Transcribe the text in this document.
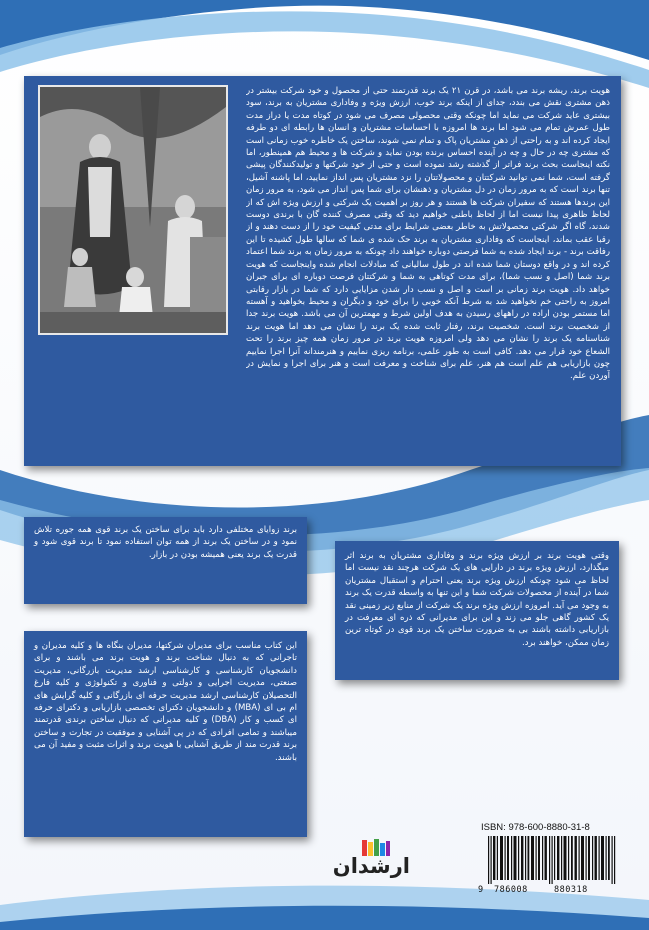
هویت برند، ریشه برند می باشد، در قرن ۲۱ یک برند قدرتمند حتی از محصول و خود شرکت بیشتر در ذهن مشتری نقش می بندد، جدای از اینکه برند خوب، ارزش ویژه و وفاداری مشتریان به برند، سود بیشتری عاید شرکت می نماید اما چونکه وقتی محصولی مصرف می شود در کوتاه مدت یا دراز مدت طول عمرش تمام می شود اما برند ها امروزه با احساسات مشتریان و انسان ها رابطه ای دو طرفه ایجاد کرده اند و به راحتی از ذهن مشتریان پاک و تمام نمی شوند، ساختن یک خاطره خوب زمانی است که مشتری چه در حال و چه در آینده احساس برنده بودن نماید و شرکت ها و محیط هم همینطور، اما نکته اینجاست بحث برند فراتر از گذشته رشد نموده است و حتی از خود شرکتها و تولیدکنندگان پیشی گرفته است، شما نمی توانید شرکتتان و محصولاتتان را نزد مشتریان پس انداز نمایید، اما پاشنه آشیل، تنها برند است که به مرور زمان در دل مشتریان و ذهنشان برای شما پس انداز می شود، به مرور زمان این برندها هستند که سفیران شرکت ها هستند و هر روز بر اهمیت یک شرکتی و ارزش ویژه اش که از لحاظ ظاهری پیدا نیست اما از لحاظ باطنی خواهیم دید که وقتی مصرف کننده گان با برندی دوست شدند، گاه اگر شرکتی محصولاتش به خاطر بعضی شرایط برای مدتی کیفیت خود را از دست دهند و از رقبا عقب بماند، اینجاست که وفاداری مشتریان به برند حک شده ی شما که سالها طول کشیده تا این رفاقت برند - برند ایجاد شده به شما فرصتی دوباره خواهند داد چونکه به مرور زمان به برند شما اعتماد کرده اند و در واقع دوستان شما شده اند در طول سالیانی که مبادلات انجام شده واینجاست که هویت برند شما (اصل و نسب شما)، برای مدت کوتاهی به شما و شرکتتان فرصت دوباره ای برای جبران خواهد داد. هویت برند زمانی بر است و اصل و نسب دار شدن مزایایی دارد که شما در بازار رقابتی امروز به راحتی خم نخواهید شد به شرط آنکه خوبی را برای خود و دیگران و محیط بخواهید و آهسته اما مستمر بودن اراده در راههای رسیدن به هدف اولین شرط و مهمترین آن می باشد. هویت برند جدا از شخصیت برند است. شخصیت برند، رفتار ثابت شده یک برند را نشان می دهد اما هویت برند شناسنامه یک برند را نشان می دهد ولی امروزه هویت برند در مرور زمان همه چیز برند را تحت الشعاع خود قرار می دهد. کافی است به طور علمی، برنامه ریزی نماییم و هنرمندانه آنرا اجرا نماییم چون بازاریابی هم علم است هم هنر، علم برای شناخت و معرفت است و هنر برای اجرا و نمایش در آوردن علم.
برند زوایای مختلفی دارد باید برای ساختن یک برند قوی همه جوره تلاش نمود و در ساختن یک برند از همه توان استفاده نمود تا برند قوی شود و قدرت یک برند یعنی همیشه بودن در بازار.	وقتی هویت برند بر ارزش ویژه برند و وفاداری مشتریان به برند اثر میگذارد، ارزش ویژه برند در دارایی های یک شرکت هرچند نقد نیست اما لحاظ می شود چونکه ارزش ویژه برند یعنی احترام و استقبال مشتریان شما در آینده از محصولات شرکت شما و این تنها به واسطه قدرت یک برند به وجود می آید. امروزه ارزش ویژه برند یک شرکت از منابع زیر زمینی نقد یک کشور گاهی جلو می زند و این برای مدیرانی که ذره ای معرفت در بازاریابی داشته باشند بی به ضرورت ساختن یک برند قوی در کوتاه ترین زمان ممکن، خواهند برد.
این کتاب مناسب برای مدیران شرکتها، مدیران بنگاه ها و کلیه مدیران و تاجرانی که به دنبال شناخت برند و هویت برند می باشند و برای دانشجویان کارشناسی و کارشناسی ارشد مدیریت بازرگانی، مدیریت صنعتی، مدیریت اجرایی و دولتی و فناوری و تکنولوژی و کلیه فارغ التحصیلان کارشناسی ارشد مدیریت حرفه ای بازرگانی و کلیه گرایش های ام بی ای (MBA) و دانشجویان دکترای تخصصی بازاریابی و دکترای حرفه ای کسب و کار (DBA) و کلیه مدیرانی که دنبال ساختن برندی قدرتمند میباشند و تمامی افرادی که در پی آشنایی و موفقیت در تجارت و ساختن برند قدرت مند از طریق آشنایی با هویت برند و اثرات مثبت و مفید آن می باشند.
ارشدان
ISBN: 978-600-8880-31-8
9 786008	880318
